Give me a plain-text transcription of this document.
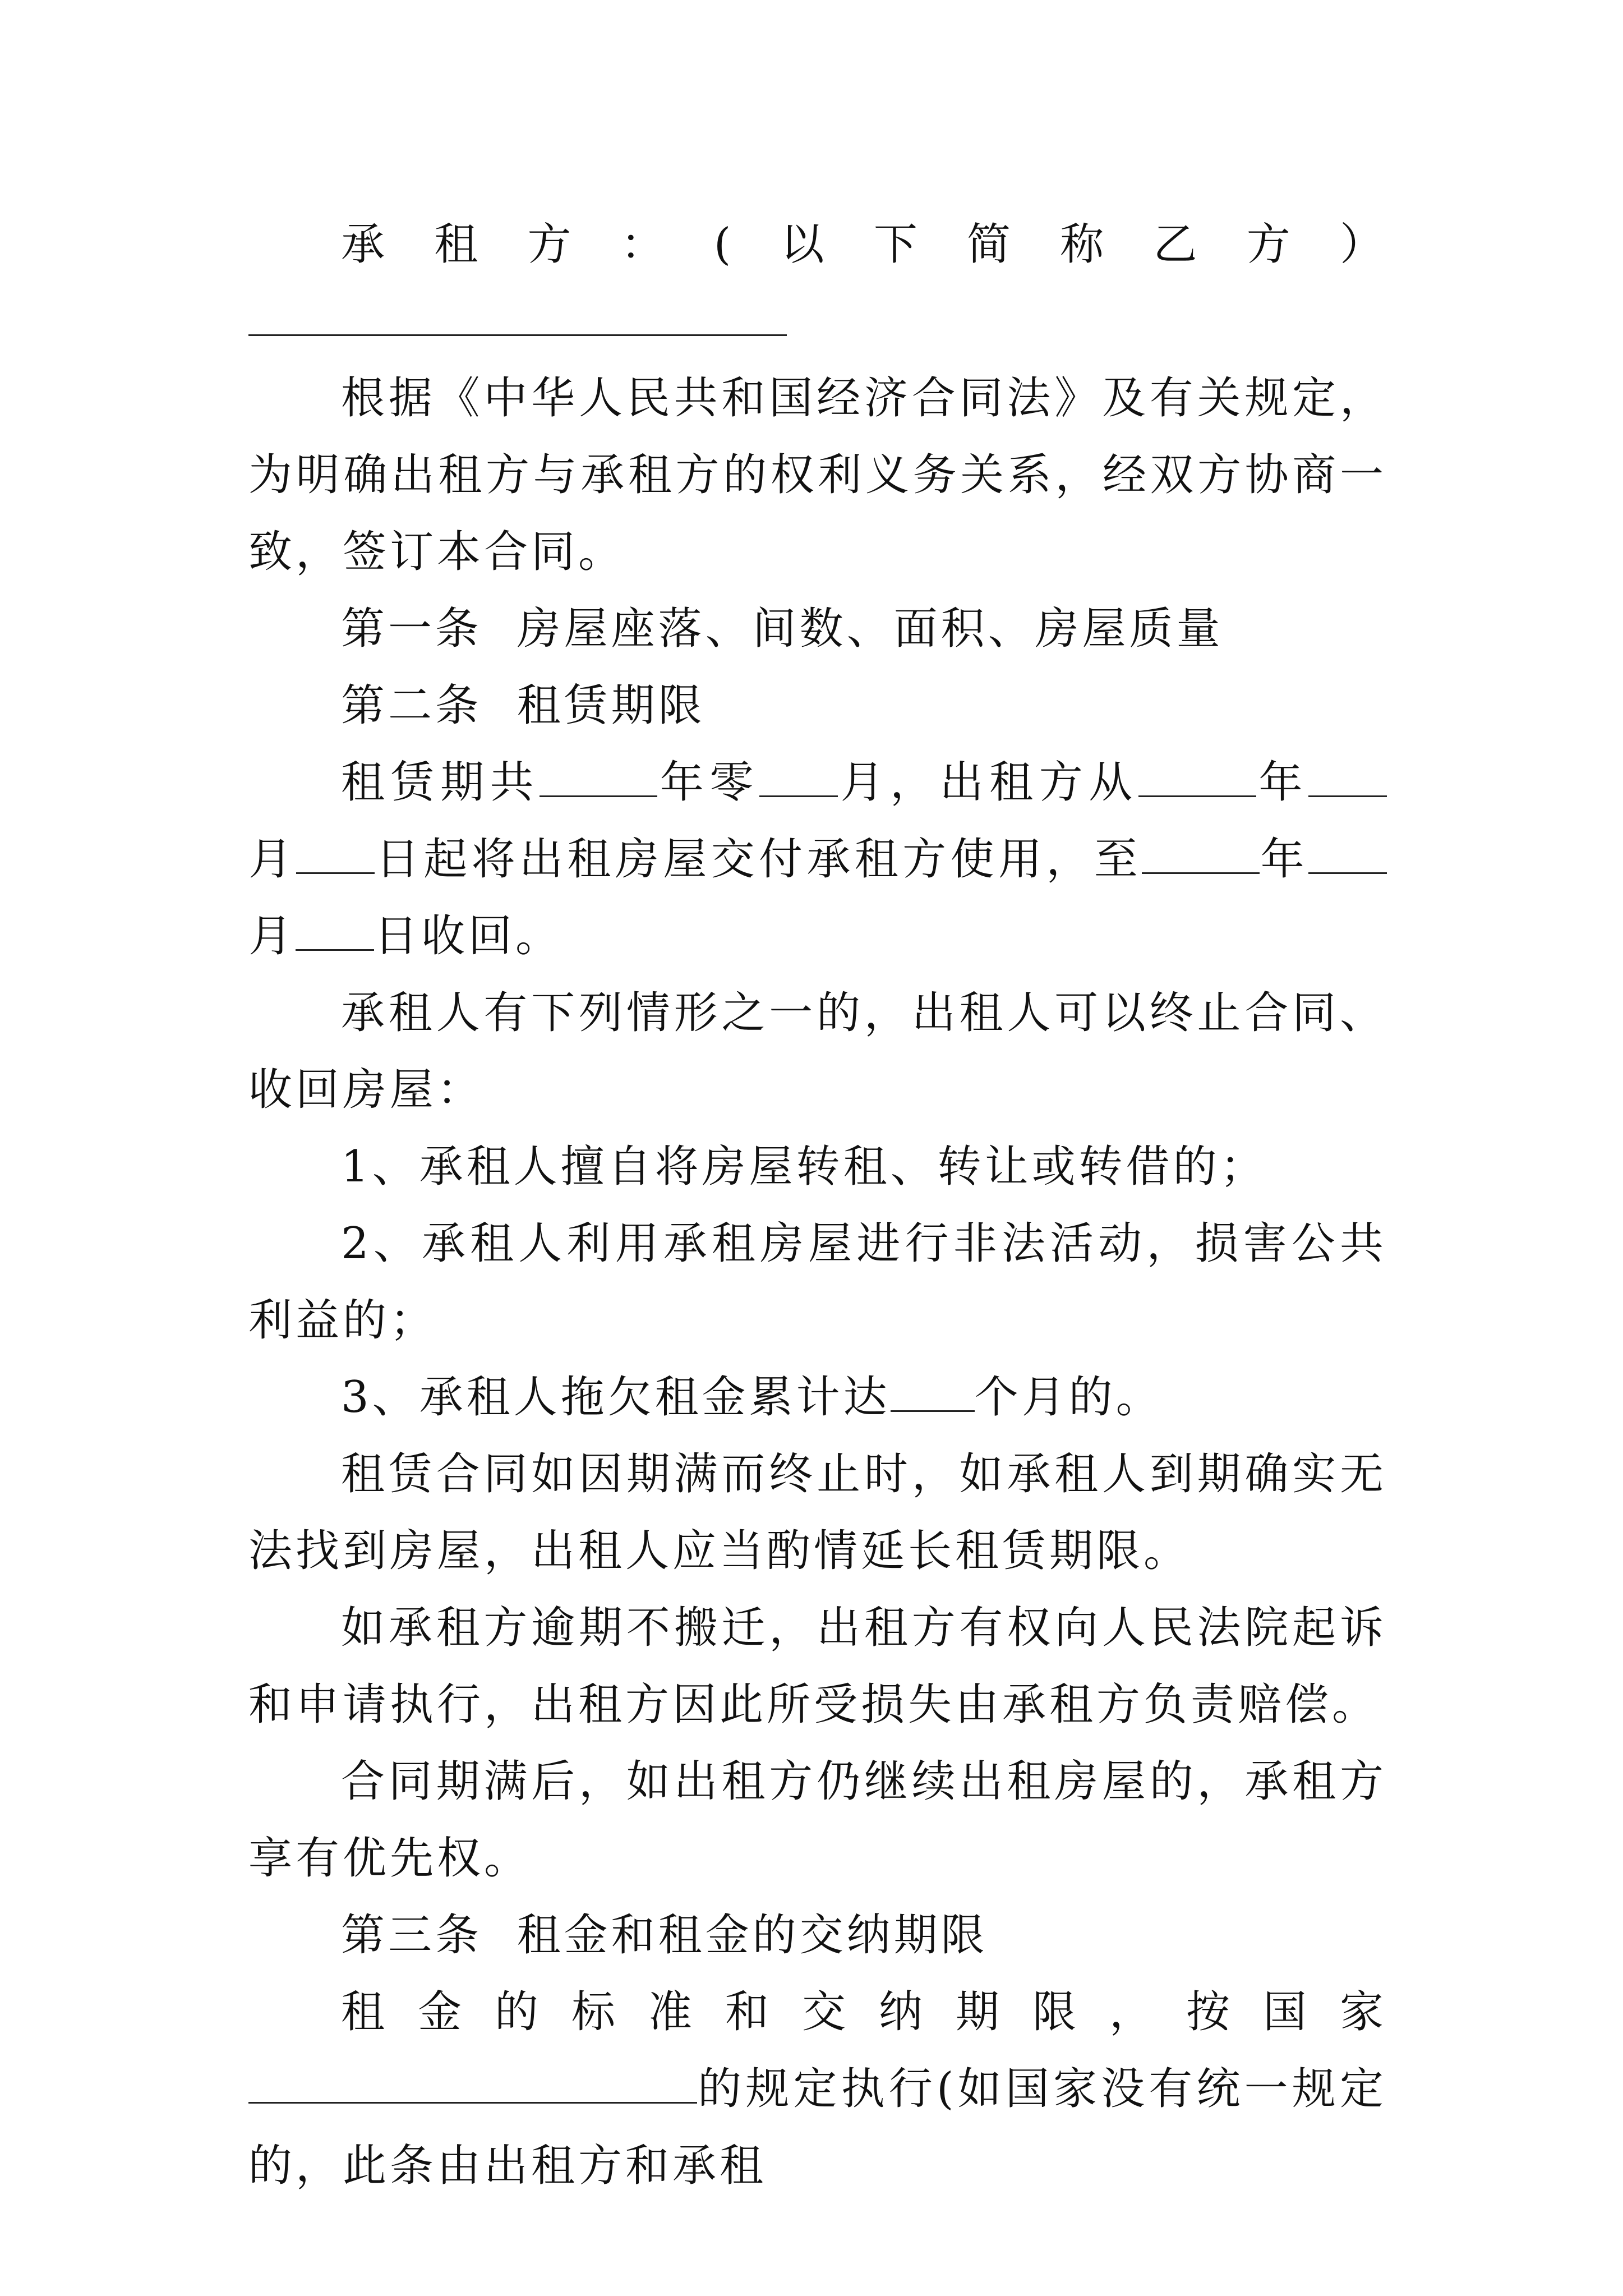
承租方：(以下简称乙方）

根据《中华人民共和国经济合同法》及有关规定，为明确出租方与承租方的权利义务关系，经双方协商一致，签订本合同。

第一条  房屋座落、间数、面积、房屋质量

第二条  租赁期限

租赁期共	年零 月，出租方从	年月 日起将出租房屋交付承租方使用，至	年月 日收回。

承租人有下列情形之一的，出租人可以终止合同、收回房屋：

1、承租人擅自将房屋转租、转让或转借的；

2、承租人利用承租房屋进行非法活动，损害公共利益的；

3、承租人拖欠租金累计达 个月的。

租赁合同如因期满而终止时，如承租人到期确实无法找到房屋，出租人应当酌情延长租赁期限。

如承租方逾期不搬迁，出租方有权向人民法院起诉和申请执行，出租方因此所受损失由承租方负责赔偿。

合同期满后，如出租方仍继续出租房屋的，承租方享有优先权。

第三条  租金和租金的交纳期限

租金的标准和交纳期限，按国家的规定执行(如国家没有统一规定的，此条由出租方和承租
